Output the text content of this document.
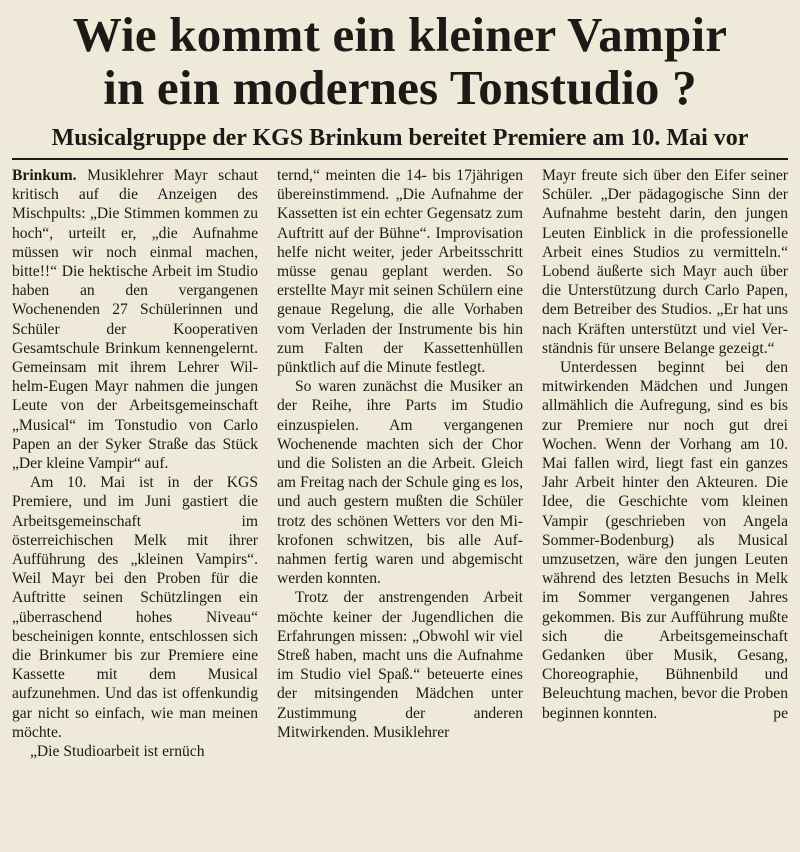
Wie kommt ein kleiner Vampir
in ein modernes Tonstudio ?
Musicalgruppe der KGS Brinkum bereitet Premiere am 10. Mai vor

Brinkum. Musiklehrer Mayr schaut kritisch auf die Anzeigen des Mischpults: „Die Stimmen kommen zu hoch“, urteilt er, „die Aufnahme müssen wir noch einmal machen, bitte!!“ Die hektische Arbeit im Studio haben an den vergangenen Wochenenden 27 Schülerinnen und Schüler der Kooperativen Gesamtschule Brinkum kennengelernt. Gemeinsam mit ihrem Lehrer Wilhelm-Eugen Mayr nahmen die jungen Leute von der Arbeitsgemeinschaft „Musical“ im Tonstudio von Carlo Papen an der Syker Straße das Stück „Der kleine Vampir“ auf.

Am 10. Mai ist in der KGS Premiere, und im Juni gastiert die Arbeitsgemeinschaft im österreichischen Melk mit ihrer Aufführung des „kleinen Vampirs“. Weil Mayr bei den Proben für die Auftritte seinen Schützlingen ein „überraschend hohes Niveau“ bescheinigen konnte, entschlossen sich die Brinkumer bis zur Premiere eine Kassette mit dem Musical aufzunehmen. Und das ist offenkundig gar nicht so einfach, wie man meinen möchte.

„Die Studioarbeit ist ernüch

ternd,“ meinten die 14- bis 17jährigen übereinstimmend. „Die Aufnahme der Kassetten ist ein echter Gegensatz zum Auftritt auf der Bühne“. Improvisation helfe nicht weiter, jeder Arbeitsschritt müsse genau geplant werden. So erstellte Mayr mit seinen Schülern eine genaue Regelung, die alle Vorhaben vom Verladen der Instrumente bis hin zum Falten der Kassettenhüllen pünktlich auf die Minute festlegt.

So waren zunächst die Musiker an der Reihe, ihre Parts im Studio einzuspielen. Am vergangenen Wochenende machten sich der Chor und die Solisten an die Arbeit. Gleich am Freitag nach der Schule ging es los, und auch gestern mußten die Schüler trotz des schönen Wetters vor den Mikrofonen schwitzen, bis alle Aufnahmen fertig waren und abgemischt werden konnten.

Trotz der anstrengenden Arbeit möchte keiner der Jugendlichen die Erfahrungen missen: „Obwohl wir viel Streß haben, macht uns die Aufnahme im Studio viel Spaß.“ beteuerte eines der mitsingenden Mädchen unter Zustimmung der anderen Mitwirkenden. Musiklehrer

Mayr freute sich über den Eifer seiner Schüler. „Der pädagogische Sinn der Aufnahme besteht darin, den jungen Leuten Einblick in die professionelle Arbeit eines Studios zu vermitteln.“ Lobend äußerte sich Mayr auch über die Unterstützung durch Carlo Papen, dem Betreiber des Studios. „Er hat uns nach Kräften unterstützt und viel Verständnis für unsere Belange gezeigt.“

Unterdessen beginnt bei den mitwirkenden Mädchen und Jungen allmählich die Aufregung, sind es bis zur Premiere nur noch gut drei Wochen. Wenn der Vorhang am 10. Mai fallen wird, liegt fast ein ganzes Jahr Arbeit hinter den Akteuren. Die Idee, die Geschichte vom kleinen Vampir (geschrieben von Angela Sommer-Bodenburg) als Musical umzusetzen, wäre den jungen Leuten während des letzten Besuchs in Melk im Sommer vergangenen Jahres gekommen. Bis zur Aufführung mußte sich die Arbeitsgemeinschaft Gedanken über Musik, Gesang, Choreographie, Bühnenbild und Beleuchtung machen, bevor die Proben beginnen konnten.	pe
